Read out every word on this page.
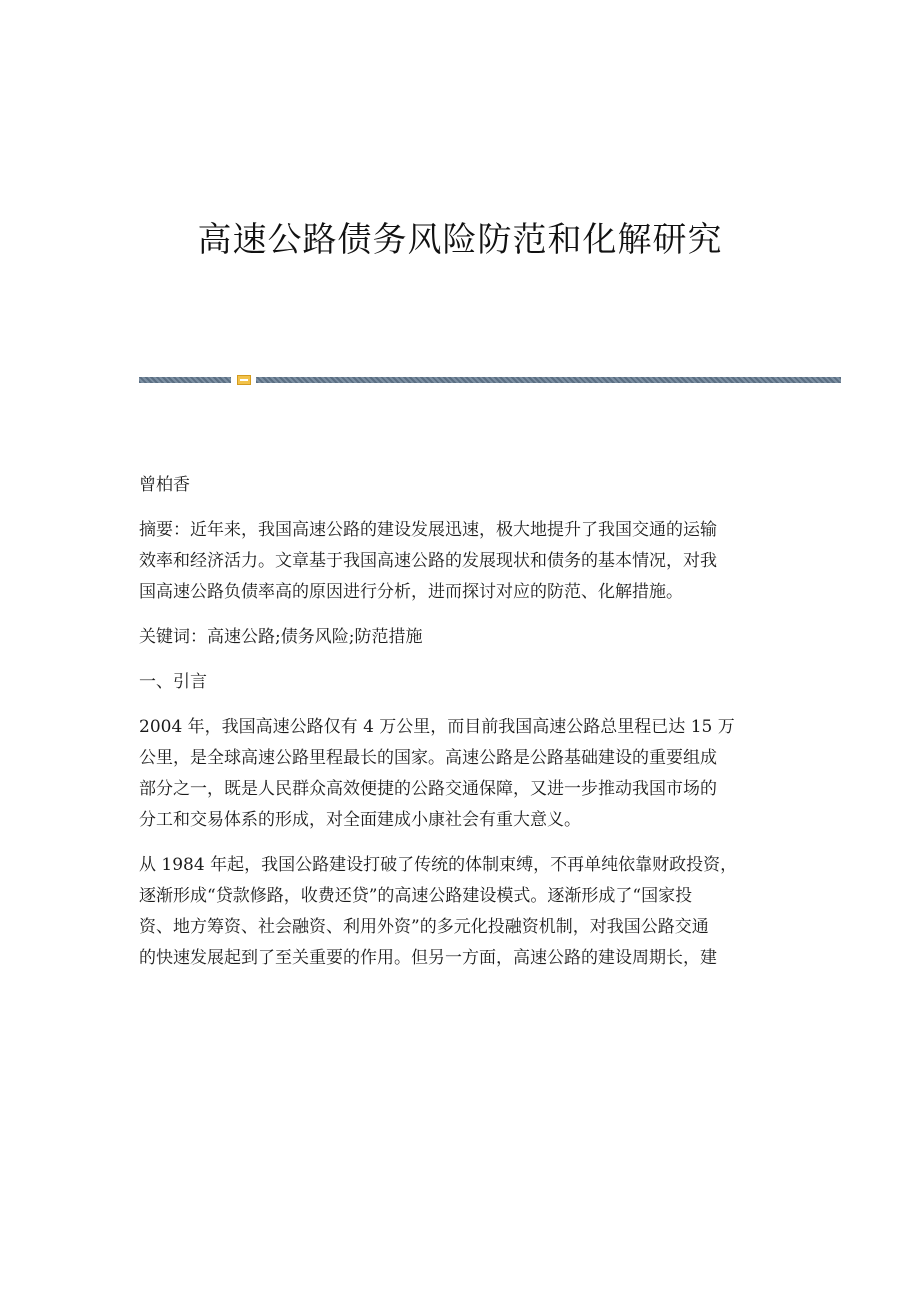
高速公路债务风险防范和化解研究

曾柏香

摘要：近年来，我国高速公路的建设发展迅速，极大地提升了我国交通的运输
效率和经济活力。文章基于我国高速公路的发展现状和债务的基本情况，对我
国高速公路负债率高的原因进行分析，进而探讨对应的防范、化解措施。

关键词：高速公路;债务风险;防范措施

一、引言

2004 年，我国高速公路仅有 4 万公里，而目前我国高速公路总里程已达 15 万
公里，是全球高速公路里程最长的国家。高速公路是公路基础建设的重要组成
部分之一，既是人民群众高效便捷的公路交通保障，又进一步推动我国市场的
分工和交易体系的形成，对全面建成小康社会有重大意义。

从 1984 年起，我国公路建设打破了传统的体制束缚，不再单纯依靠财政投资，
逐渐形成“贷款修路，收费还贷”的高速公路建设模式。逐渐形成了“国家投
资、地方筹资、社会融资、利用外资”的多元化投融资机制，对我国公路交通
的快速发展起到了至关重要的作用。但另一方面，高速公路的建设周期长，建
